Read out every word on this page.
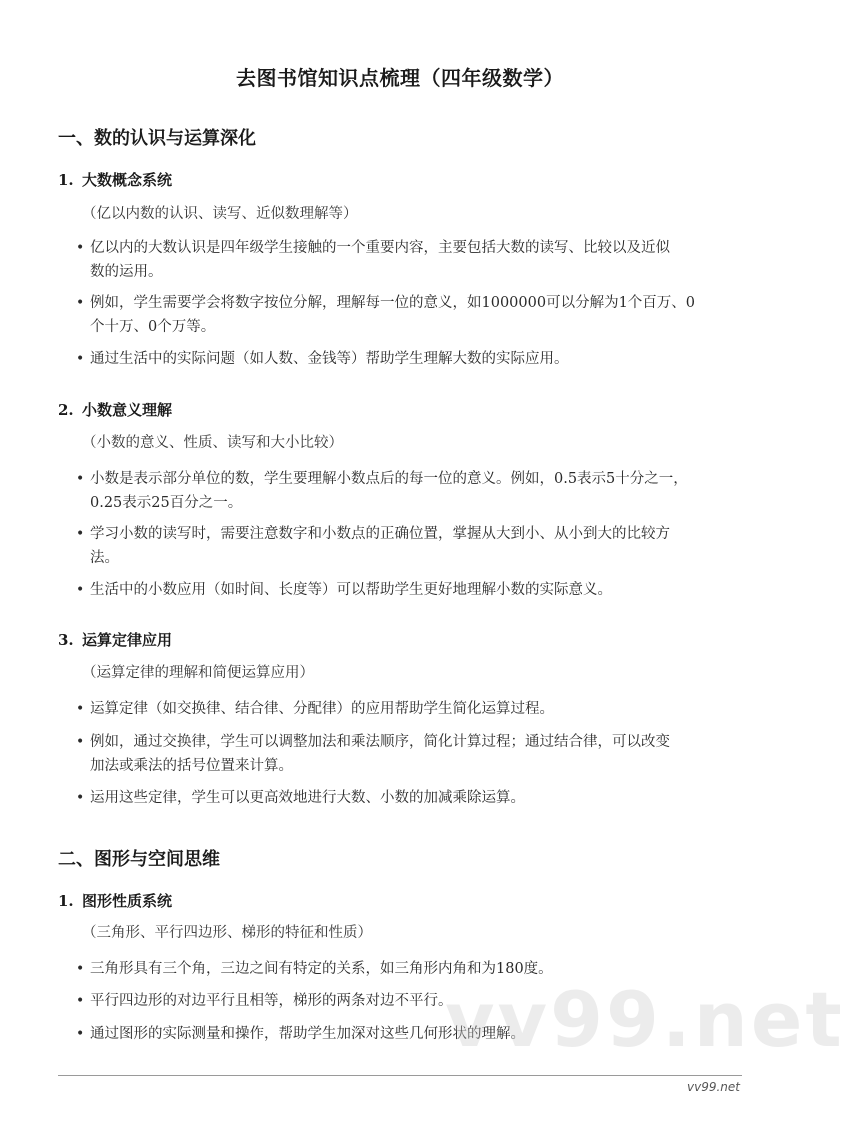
去图书馆知识点梳理（四年级数学）
一、数的认识与运算深化
1. 大数概念系统
（亿以内数的认识、读写、近似数理解等）
• 亿以内的大数认识是四年级学生接触的一个重要内容，主要包括大数的读写、比较以及近似
数的运用。
• 例如，学生需要学会将数字按位分解，理解每一位的意义，如1000000可以分解为1个百万、0
个十万、0个万等。
• 通过生活中的实际问题（如人数、金钱等）帮助学生理解大数的实际应用。
2. 小数意义理解
（小数的意义、性质、读写和大小比较）
• 小数是表示部分单位的数，学生要理解小数点后的每一位的意义。例如，0.5表示5十分之一，
0.25表示25百分之一。
• 学习小数的读写时，需要注意数字和小数点的正确位置，掌握从大到小、从小到大的比较方
法。
• 生活中的小数应用（如时间、长度等）可以帮助学生更好地理解小数的实际意义。
3. 运算定律应用
（运算定律的理解和简便运算应用）
• 运算定律（如交换律、结合律、分配律）的应用帮助学生简化运算过程。
• 例如，通过交换律，学生可以调整加法和乘法顺序，简化计算过程；通过结合律，可以改变
加法或乘法的括号位置来计算。
• 运用这些定律，学生可以更高效地进行大数、小数的加减乘除运算。
二、图形与空间思维
1. 图形性质系统
（三角形、平行四边形、梯形的特征和性质）
• 三角形具有三个角，三边之间有特定的关系，如三角形内角和为180度。
• 平行四边形的对边平行且相等，梯形的两条对边不平行。
• 通过图形的实际测量和操作，帮助学生加深对这些几何形状的理解。
vv99.net
vv99.net
